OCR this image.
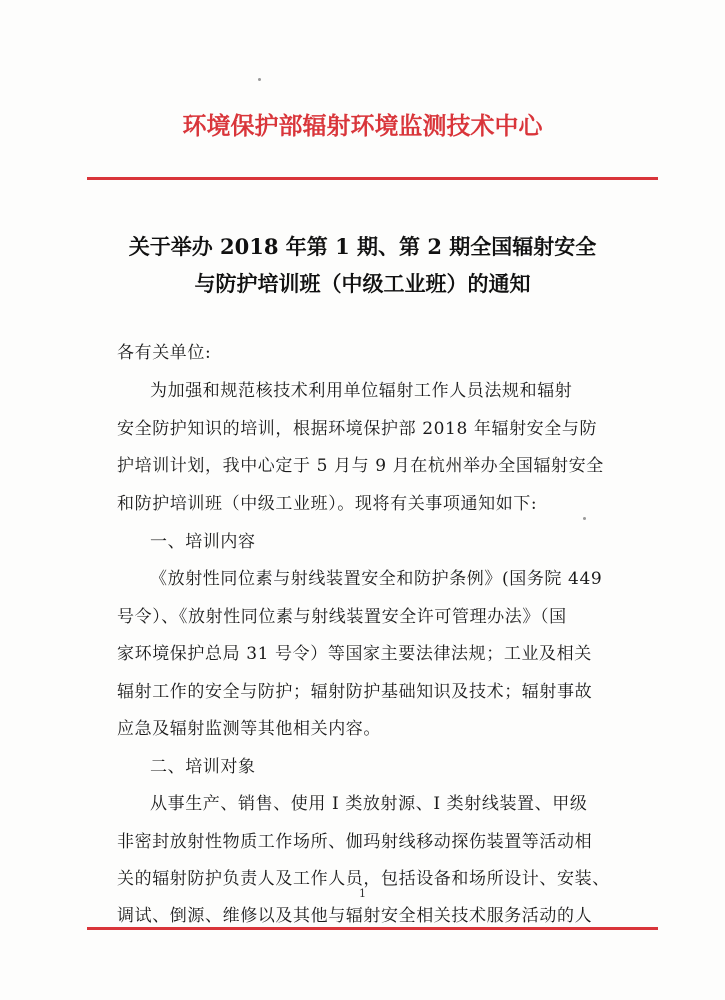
环境保护部辐射环境监测技术中心
关于举办 2018 年第 1 期、第 2 期全国辐射安全
与防护培训班（中级工业班）的通知
各有关单位:
为加强和规范核技术利用单位辐射工作人员法规和辐射
安全防护知识的培训，根据环境保护部 2018 年辐射安全与防
护培训计划，我中心定于 5 月与 9 月在杭州举办全国辐射安全
和防护培训班（中级工业班）。现将有关事项通知如下:
一、培训内容
《放射性同位素与射线装置安全和防护条例》(国务院 449
号令）、《放射性同位素与射线装置安全许可管理办法》（国
家环境保护总局 31 号令）等国家主要法律法规；工业及相关
辐射工作的安全与防护；辐射防护基础知识及技术；辐射事故
应急及辐射监测等其他相关内容。
二、培训对象
从事生产、销售、使用 I 类放射源、I 类射线装置、甲级
非密封放射性物质工作场所、伽玛射线移动探伤装置等活动相
关的辐射防护负责人及工作人员，包括设备和场所设计、安装、
调试、倒源、维修以及其他与辐射安全相关技术服务活动的人
1
